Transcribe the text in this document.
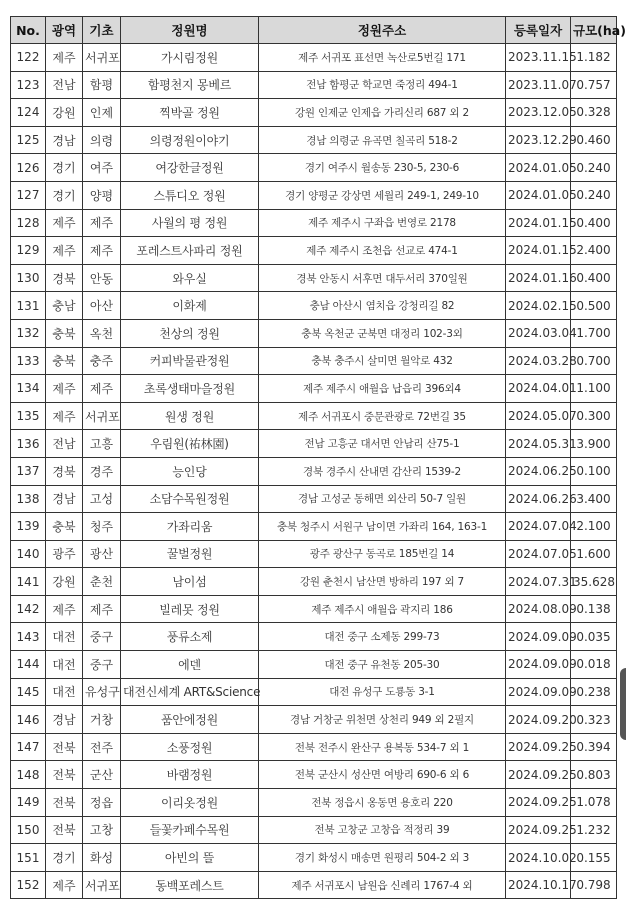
No.	광역	기초	정원명	정원주소	등록일자	규모(ha)
122	제주	서귀포	가시림정원	제주 서귀포 표선면 녹산로5번길 171	2023.11.15	1.182
123	전남	함평	함평천지 몽베르	전남 함평군 학교면 죽정리 494-1	2023.11.07	0.757
124	강원	인제	찍박골 정원	강원 인제군 인제읍 가리신리 687 외 2	2023.12.05	0.328
125	경남	의령	의령정원이야기	경남 의령군 유곡면 칠곡리 518-2	2023.12.29	0.460
126	경기	여주	여강한글정원	경기 여주시 월송동 230-5, 230-6	2024.01.05	0.240
127	경기	양평	스튜디오 정원	경기 양평군 강상면 세월리 249-1, 249-10	2024.01.05	0.240
128	제주	제주	사월의 평 정원	제주 제주시 구좌읍 번영로 2178	2024.01.15	0.400
129	제주	제주	포레스트사파리 정원	제주 제주시 조천읍 선교로 474-1	2024.01.15	2.400
130	경북	안동	와우실	경북 안동시 서후면 대두서리 370일원	2024.01.16	0.400
131	충남	아산	이화제	충남 아산시 염치읍 강청리길 82	2024.02.15	0.500
132	충북	옥천	천상의 정원	충북 옥천군 군북면 대정리 102-3외	2024.03.04	1.700
133	충북	충주	커피박물관정원	충북 충주시 살미면 월악로 432	2024.03.28	0.700
134	제주	제주	초록생태마을정원	제주 제주시 애월읍 납읍리 396외4	2024.04.01	1.100
135	제주	서귀포	원생 정원	제주 서귀포시 중문관광로 72번길 35	2024.05.07	0.300
136	전남	고흥	우림원(祐林園)	전남 고흥군 대서면 안남리 산75-1	2024.05.31	3.900
137	경북	경주	능인당	경북 경주시 산내면 감산리 1539-2	2024.06.25	0.100
138	경남	고성	소담수목원정원	경남 고성군 동해면 외산리 50-7 일원	2024.06.26	3.400
139	충북	청주	가좌리움	충북 청주시 서원구 남이면 가좌리 164, 163-1	2024.07.04	2.100
140	광주	광산	꿀벌정원	광주 광산구 동곡로 185번길 14	2024.07.05	1.600
141	강원	춘천	남이섬	강원 춘천시 남산면 방하리 197 외 7	2024.07.31	35.628
142	제주	제주	빌레못 정원	제주 제주시 애월읍 곽지리 186	2024.08.09	0.138
143	대전	중구	풍류소제	대전 중구 소제동 299-73	2024.09.09	0.035
144	대전	중구	에덴	대전 중구 유천동 205-30	2024.09.09	0.018
145	대전	유성구	대전신세계 ART&Science	대전 유성구 도룡동 3-1	2024.09.09	0.238
146	경남	거창	품안에정원	경남 거창군 위천면 상천리 949 외 2필지	2024.09.20	0.323
147	전북	전주	소풍정원	전북 전주시 완산구 용복동 534-7 외 1	2024.09.25	0.394
148	전북	군산	바램정원	전북 군산시 성산면 여방리 690-6 외 6	2024.09.25	0.803
149	전북	정읍	이리옷정원	전북 정읍시 옹동면 용호리 220	2024.09.25	1.078
150	전북	고창	들꽃카페수목원	전북 고창군 고창읍 적정리 39	2024.09.25	1.232
151	경기	화성	아빈의 뜰	경기 화성시 매송면 원평리 504-2 외 3	2024.10.02	0.155
152	제주	서귀포	동백포레스트	제주 서귀포시 남원읍 신례리 1767-4 외	2024.10.17	0.798
